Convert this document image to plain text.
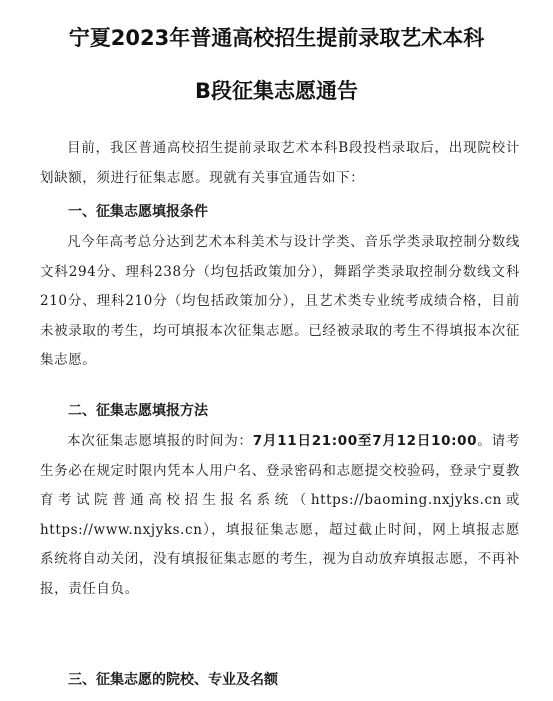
宁夏2023年普通高校招生提前录取艺术本科
B段征集志愿通告

目前，我区普通高校招生提前录取艺术本科B段投档录取后，出现院校计划缺额，须进行征集志愿。现就有关事宜通告如下：

一、征集志愿填报条件

凡今年高考总分达到艺术本科美术与设计学类、音乐学类录取控制分数线文科294分、理科238分（均包括政策加分），舞蹈学类录取控制分数线文科210分、理科210分（均包括政策加分），且艺术类专业统考成绩合格，目前未被录取的考生，均可填报本次征集志愿。已经被录取的考生不得填报本次征集志愿。

二、征集志愿填报方法

本次征集志愿填报的时间为：7月11日21:00至7月12日10:00。请考生务必在规定时限内凭本人用户名、登录密码和志愿提交校验码，登录宁夏教育考试院普通高校招生报名系统（https://baoming.nxjyks.cn或https://www.nxjyks.cn），填报征集志愿，超过截止时间，网上填报志愿系统将自动关闭，没有填报征集志愿的考生，视为自动放弃填报志愿，不再补报，责任自负。

三、征集志愿的院校、专业及名额
